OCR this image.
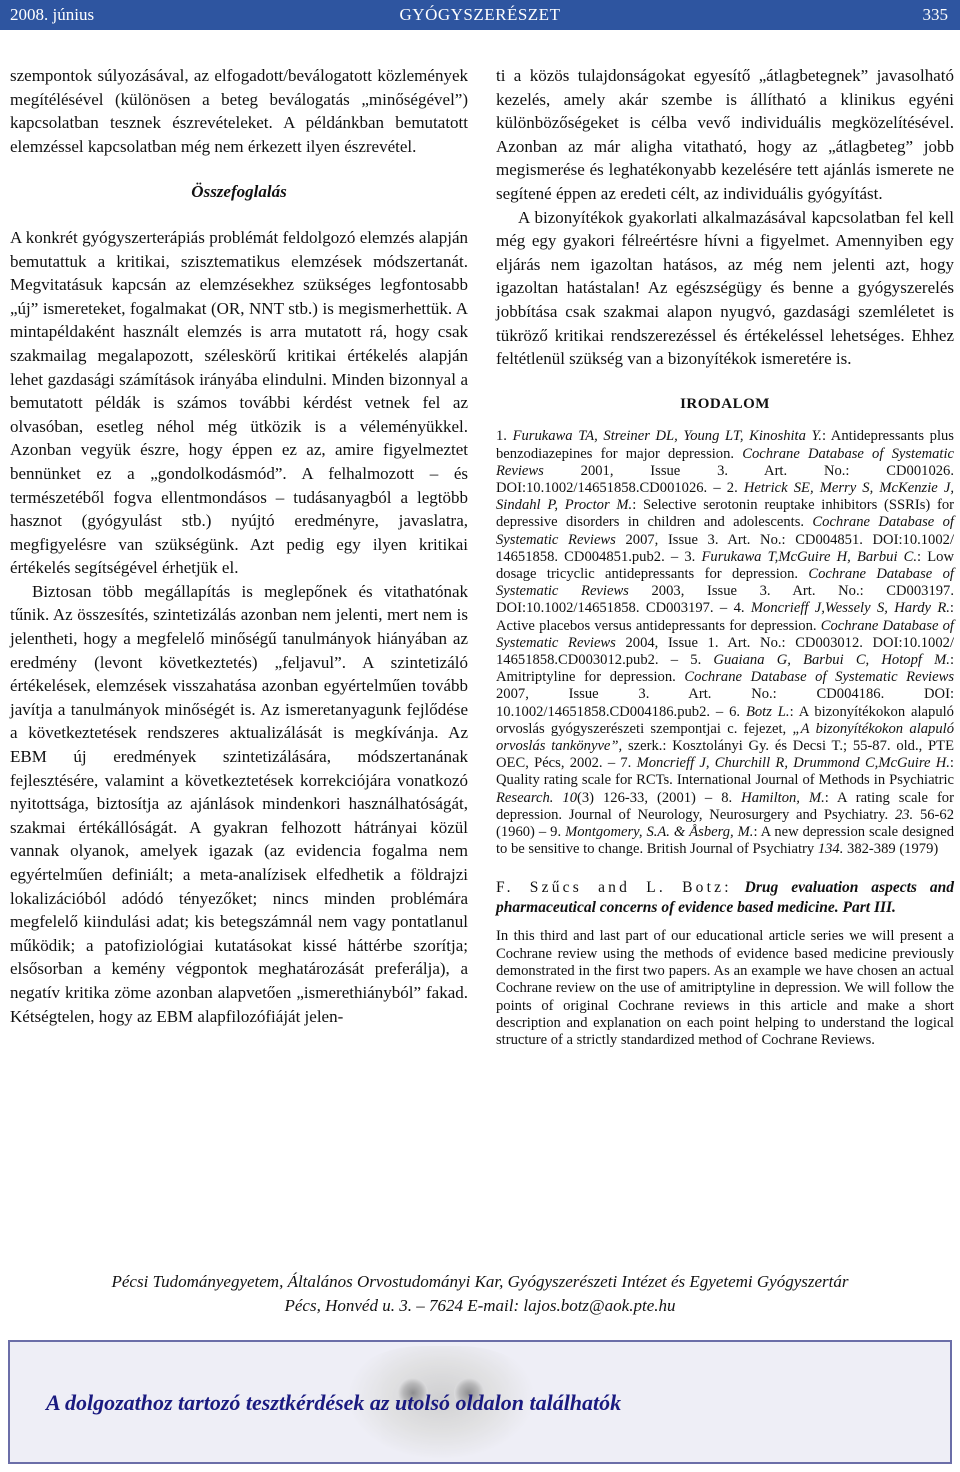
GYÓGYSZERÉSZET
2008. június	335

szempontok súlyozásával, az elfogadott/beválogatott közlemények megítélésével (különösen a beteg beválogatás „minőségével”) kapcsolatban tesznek észrevételeket. A példánkban bemutatott elemzéssel kapcsolatban még nem érkezett ilyen észrevétel.

Összefoglalás

A konkrét gyógyszerterápiás problémát feldolgozó elemzés alapján bemutattuk a kritikai, szisztematikus elemzések módszertanát. Megvitatásuk kapcsán az elemzésekhez szükséges legfontosabb „új” ismereteket, fogalmakat (OR, NNT stb.) is megismerhettük. A mintapéldaként használt elemzés is arra mutatott rá, hogy csak szakmailag megalapozott, széleskörű kritikai értékelés alapján lehet gazdasági számítások irányába elindulni. Minden bizonnyal a bemutatott példák is számos további kérdést vetnek fel az olvasóban, esetleg néhol még ütközik is a véleményükkel. Azonban vegyük észre, hogy éppen ez az, amire figyelmeztet bennünket ez a „gondolkodásmód”. A felhalmozott – és természetéből fogva ellentmondásos – tudásanyagból a legtöbb hasznot (gyógyulást stb.) nyújtó eredményre, javaslatra, megfigyelésre van szükségünk. Azt pedig egy ilyen kritikai értékelés segítségével érhetjük el.

Biztosan több megállapítás is meglepőnek és vitathatónak tűnik. Az összesítés, szintetizálás azonban nem jelenti, mert nem is jelentheti, hogy a megfelelő minőségű tanulmányok hiányában az eredmény (levont következtetés) „feljavul”. A szintetizáló értékelések, elemzések visszahatása azonban egyértelműen tovább javítja a tanulmányok minőségét is. Az ismeretanyagunk fejlődése a következtetések rendszeres aktualizálását is megkívánja. Az EBM új eredmények szintetizálására, módszertanának fejlesztésére, valamint a következtetések korrekciójára vonatkozó nyitottsága, biztosítja az ajánlások mindenkori használhatóságát, szakmai értékállóságát. A gyakran felhozott hátrányai közül vannak olyanok, amelyek igazak (az evidencia fogalma nem egyértelműen definiált; a meta-analízisek elfedhetik a földrajzi lokalizációból adódó tényezőket; nincs minden problémára megfelelő kiindulási adat; kis betegszámnál nem vagy pontatlanul működik; a patofiziológiai kutatásokat kissé háttérbe szorítja; elsősorban a kemény végpontok meghatározását preferálja), a negatív kritika zöme azonban alapvetően „ismerethiányból” fakad. Kétségtelen, hogy az EBM alapfilozófiáját jelen-

ti a közös tulajdonságokat egyesítő „átlagbetegnek” javasolható kezelés, amely akár szembe is állítható a klinikus egyéni különbözőségeket is célba vevő individuális megközelítésével. Azonban az már aligha vitatható, hogy az „átlagbeteg” jobb megismerése és leghatékonyabb kezelésére tett ajánlás ismerete ne segítené éppen az eredeti célt, az individuális gyógyítást.

A bizonyítékok gyakorlati alkalmazásával kapcsolatban fel kell még egy gyakori félreértésre hívni a figyelmet. Amennyiben egy eljárás nem igazoltan hatásos, az még nem jelenti azt, hogy igazoltan hatástalan! Az egészségügy és benne a gyógyszerelés jobbítása csak szakmai alapon nyugvó, gazdasági szemléletet is tükröző kritikai rendszerezéssel és értékeléssel lehetséges. Ehhez feltétlenül szükség van a bizonyítékok ismeretére is.

IRODALOM
1. Furukawa TA, Streiner DL, Young LT, Kinoshita Y.: Antidepressants plus benzodiazepines for major depression. Cochrane Database of Systematic Reviews	2001, Issue 3. Art. No.: CD001026. DOI:10.1002/14651858.CD001026. – 2. Hetrick SE, Merry S, McKenzie J, Sindahl P, Proctor M.: Selective serotonin reuptake inhibitors (SSRIs) for depressive disorders in children and adolescents. Cochrane Database of Systematic Reviews 2007, Issue 3. Art. No.: CD004851. DOI:10.1002/ 14651858. CD004851.pub2. – 3. Furukawa T,McGuire H, Barbui C.: Low dosage tricyclic antidepressants for depression. Cochrane Database of Systematic Reviews 2003, Issue 3. Art. No.: CD003197. DOI:10.1002/14651858. CD003197. – 4. Moncrieff J,Wessely S, Hardy R.: Active placebos versus antidepressants for depression. Cochrane Database of Systematic Reviews 2004, Issue 1. Art. No.: CD003012. DOI:10.1002/ 14651858.CD003012.pub2. – 5. Guaiana G, Barbui C, Hotopf M.: Amitriptyline for depression. Cochrane Database of Systematic Reviews 2007, Issue 3. Art. No.: CD004186. DOI: 10.1002/14651858.CD004186.pub2. – 6. Botz L.: A bizonyítékokon alapuló orvoslás gyógyszerészeti szempontjai c. fejezet, „A bizonyítékokon alapuló orvoslás tankönyve”, szerk.: Kosztolányi Gy. és Decsi T.; 55-87. old., PTE OEC, Pécs, 2002. – 7. Moncrieff J, Churchill R, Drummond C,McGuire H.: Quality rating scale for RCTs. International Journal of Methods in Psychiatric Research. 10(3) 126-33, (2001) – 8. Hamilton, M.: A rating scale for depression. Journal of Neurology, Neurosurgery and Psychiatry. 23. 56-62 (1960) – 9. Montgomery, S.A. & Åsberg, M.: A new depression scale designed to be sensitive to change. British Journal of Psychiatry 134. 382-389 (1979)
F. Szűcs and L. Botz: Drug evaluation aspects and pharmaceutical concerns of evidence based medicine. Part III.

In this third and last part of our educational article series we will present a Cochrane review using the methods of evidence based medicine previously demonstrated in the first two papers. As an example we have chosen an actual Cochrane review on the use of amitriptyline in depression. We will follow the points of original Cochrane reviews in this article and make a short description and explanation on each point helping to understand the logical structure of a strictly standardized method of Cochrane Reviews.

Pécsi Tudományegyetem, Általános Orvostudományi Kar, Gyógyszerészeti Intézet és Egyetemi Gyógyszertár
Pécs, Honvéd u. 3. – 7624 E-mail: lajos.botz@aok.pte.hu
A dolgozathoz tartozó tesztkérdések az utolsó oldalon találhatók
